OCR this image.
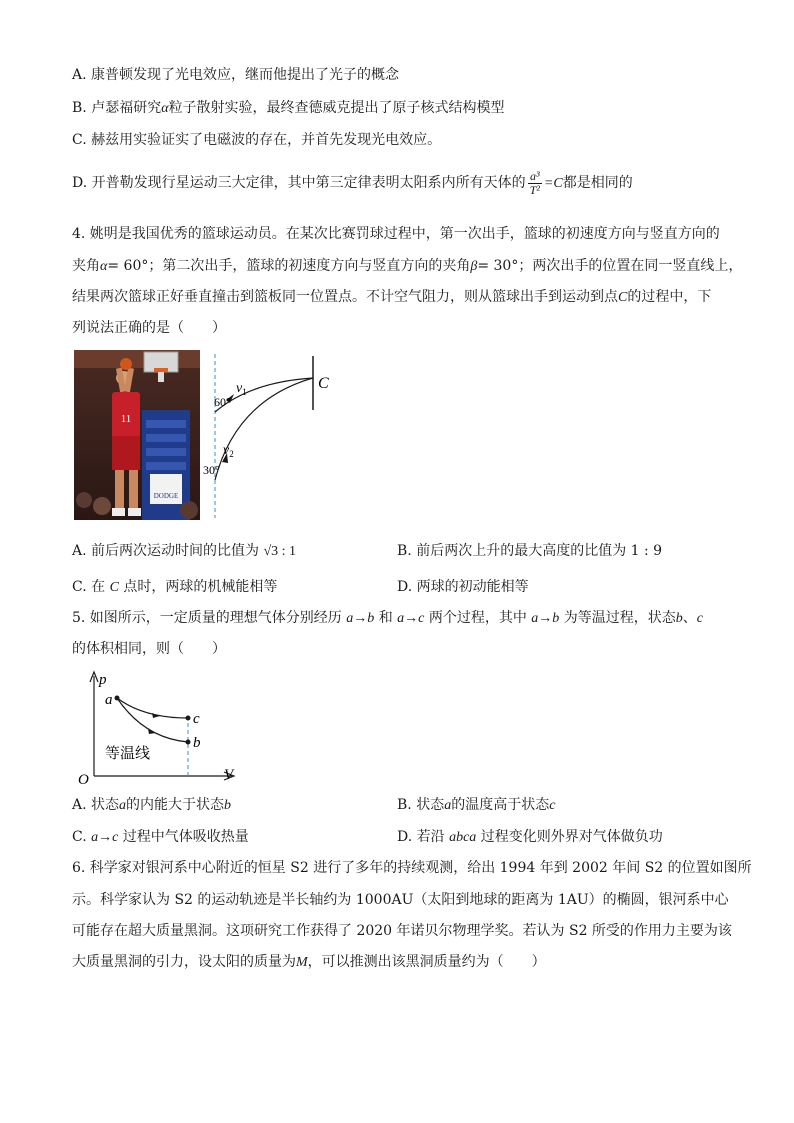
A. 康普顿发现了光电效应，继而他提出了光子的概念
B. 卢瑟福研究α粒子散射实验，最终查德威克提出了原子核式结构模型
C. 赫兹用实验证实了电磁波的存在，并首先发现光电效应。
D. 开普勒发现行星运动三大定律，其中第三定律表明太阳系内所有天体的 $\frac{\text{a³}}{\text{T²}} =C$都是相同的
4. 姚明是我国优秀的篮球运动员。在某次比赛罚球过程中，第一次出手，篮球的初速度方向与竖直方向的
夹角α= 60°；第二次出手，篮球的初速度方向与竖直方向的夹角β= 30°；两次出手的位置在同一竖直线上，
结果两次篮球正好垂直撞击到篮板同一位置点。不计空气阻力，则从篮球出手到运动到点C的过程中，下
列说法正确的是（　　）
DODGE
11
$v_1$
$v_2$
60°
30°
C
A. 前后两次运动时间的比值为 √3 : 1	B. 前后两次上升的最大高度的比值为 1 : 9
C. 在 C 点时，两球的机械能相等	D. 两球的初动能相等
5. 如图所示，一定质量的理想气体分别经历 a→b 和 a→c 两个过程，其中 a→b 为等温过程，状态b、c
的体积相同，则（　　）
p
V
O
a
c
b
等温线
A. 状态a的内能大于状态b	B. 状态a的温度高于状态c
C. a→c 过程中气体吸收热量	D. 若沿 abca 过程变化则外界对气体做负功
6. 科学家对银河系中心附近的恒星 S2 进行了多年的持续观测，给出 1994 年到 2002 年间 S2 的位置如图所
示。科学家认为 S2 的运动轨迹是半长轴约为 1000AU（太阳到地球的距离为 1AU）的椭圆，银河系中心
可能存在超大质量黑洞。这项研究工作获得了 2020 年诺贝尔物理学奖。若认为 S2 所受的作用力主要为该
大质量黑洞的引力，设太阳的质量为M，可以推测出该黑洞质量约为（　　）
